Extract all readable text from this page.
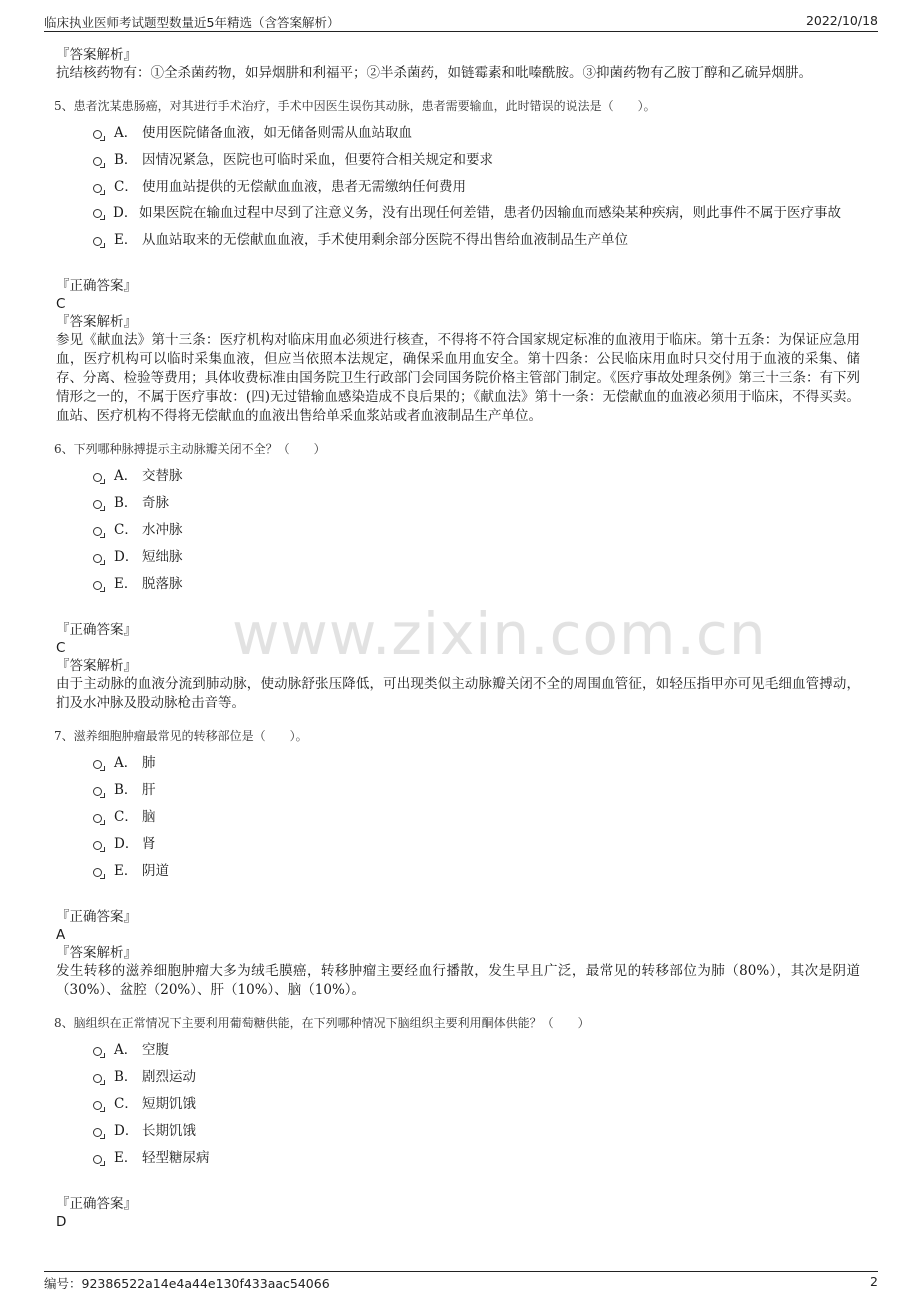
临床执业医师考试题型数量近5年精选（含答案解析）	2022/10/18
www.zixin.com.cn
『答案解析』
抗结核药物有：①全杀菌药物，如异烟肼和利福平；②半杀菌药，如链霉素和吡嗪酰胺。③抑菌药物有乙胺丁醇和乙硫异烟肼。
5、患者沈某患肠癌，对其进行手术治疗，手术中因医生误伤其动脉，患者需要输血，此时错误的说法是（　　）。
A． 使用医院储备血液，如无储备则需从血站取血
B． 因情况紧急，医院也可临时采血，但要符合相关规定和要求
C． 使用血站提供的无偿献血血液，患者无需缴纳任何费用
D． 如果医院在输血过程中尽到了注意义务，没有出现任何差错，患者仍因输血而感染某种疾病，则此事件不属于医疗事故
E． 从血站取来的无偿献血血液，手术使用剩余部分医院不得出售给血液制品生产单位
『正确答案』
C
『答案解析』
参见《献血法》第十三条：医疗机构对临床用血必须进行核查，不得将不符合国家规定标准的血液用于临床。第十五条：为保证应急用血，医疗机构可以临时采集血液，但应当依照本法规定，确保采血用血安全。第十四条：公民临床用血时只交付用于血液的采集、储存、分离、检验等费用；具体收费标准由国务院卫生行政部门会同国务院价格主管部门制定。《医疗事故处理条例》第三十三条：有下列情形之一的，不属于医疗事故：(四)无过错输血感染造成不良后果的；《献血法》第十一条：无偿献血的血液必须用于临床，不得买卖。血站、医疗机构不得将无偿献血的血液出售给单采血浆站或者血液制品生产单位。
6、下列哪种脉搏提示主动脉瓣关闭不全？（　　）
A． 交替脉
B． 奇脉
C． 水冲脉
D． 短绌脉
E． 脱落脉
『正确答案』
C
『答案解析』
由于主动脉的血液分流到肺动脉，使动脉舒张压降低，可出现类似主动脉瓣关闭不全的周围血管征，如轻压指甲亦可见毛细血管搏动，扪及水冲脉及股动脉枪击音等。
7、滋养细胞肿瘤最常见的转移部位是（　　）。
A． 肺
B． 肝
C． 脑
D． 肾
E． 阴道
『正确答案』
A
『答案解析』
发生转移的滋养细胞肿瘤大多为绒毛膜癌，转移肿瘤主要经血行播散，发生早且广泛，最常见的转移部位为肺（80%），其次是阴道（30%）、盆腔（20%）、肝（10%）、脑（10%）。
8、脑组织在正常情况下主要利用葡萄糖供能，在下列哪种情况下脑组织主要利用酮体供能？（　　）
A． 空腹
B． 剧烈运动
C． 短期饥饿
D． 长期饥饿
E． 轻型糖尿病
『正确答案』
D
编号：92386522a14e4a44e130f433aac54066	2
